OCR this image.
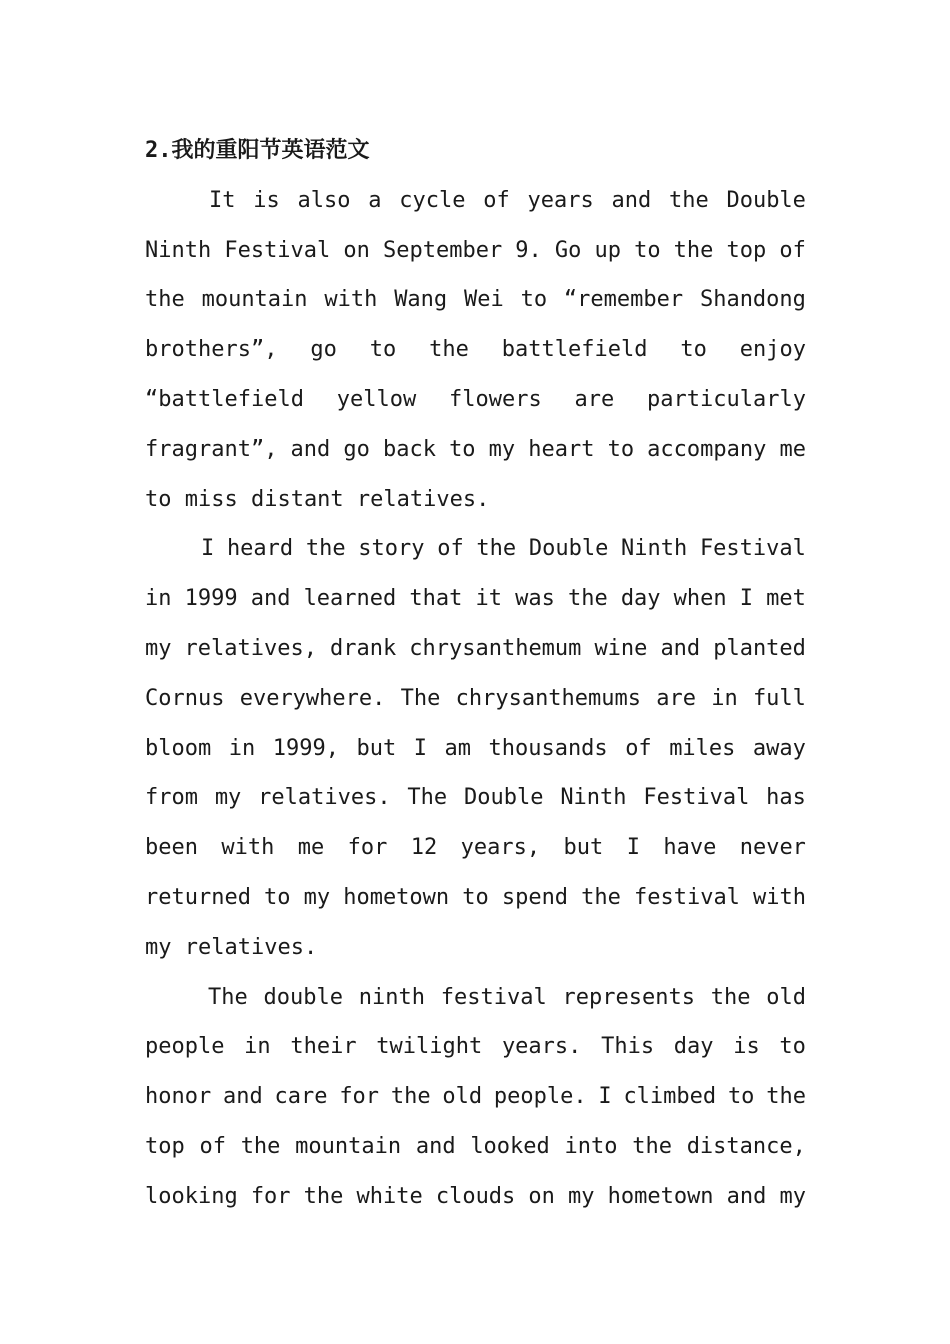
2.我的重阳节英语范文
It is also a cycle of years and the Double
Ninth Festival on September 9. Go up to the top of
the mountain with Wang Wei to “remember Shandong
brothers”, go to the battlefield to enjoy
“battlefield yellow flowers are particularly
fragrant”, and go back to my heart to accompany me
to miss distant relatives.
I heard the story of the Double Ninth Festival
in 1999 and learned that it was the day when I met
my relatives, drank chrysanthemum wine and planted
Cornus everywhere. The chrysanthemums are in full
bloom in 1999, but I am thousands of miles away
from my relatives. The Double Ninth Festival has
been with me for 12 years, but I have never
returned to my hometown to spend the festival with
my relatives.
The double ninth festival represents the old
people in their twilight years. This day is to
honor and care for the old people. I climbed to the
top of the mountain and looked into the distance,
looking for the white clouds on my hometown and my
